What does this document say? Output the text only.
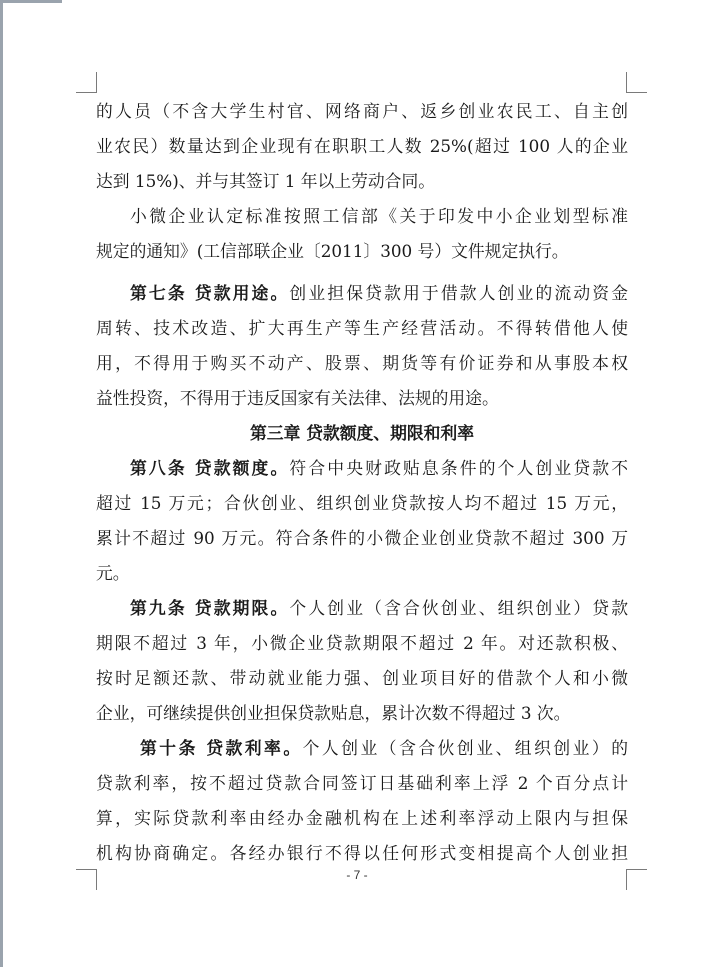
的人员（不含大学生村官、网络商户、返乡创业农民工、自主创
业农民）数量达到企业现有在职职工人数 25%(超过 100 人的企业
达到 15%)、并与其签订 1 年以上劳动合同。
小微企业认定标准按照工信部《关于印发中小企业划型标准
规定的通知》(工信部联企业〔2011〕300 号）文件规定执行。
第七条 贷款用途。创业担保贷款用于借款人创业的流动资金
周转、技术改造、扩大再生产等生产经营活动。不得转借他人使
用，不得用于购买不动产、股票、期货等有价证券和从事股本权
益性投资，不得用于违反国家有关法律、法规的用途。
第三章 贷款额度、期限和利率
第八条 贷款额度。符合中央财政贴息条件的个人创业贷款不
超过 15 万元；合伙创业、组织创业贷款按人均不超过 15 万元，
累计不超过 90 万元。符合条件的小微企业创业贷款不超过 300 万
元。
第九条 贷款期限。个人创业（含合伙创业、组织创业）贷款
期限不超过 3 年，小微企业贷款期限不超过 2 年。对还款积极、
按时足额还款、带动就业能力强、创业项目好的借款个人和小微
企业，可继续提供创业担保贷款贴息，累计次数不得超过 3 次。
第十条 贷款利率。个人创业（含合伙创业、组织创业）的
贷款利率，按不超过贷款合同签订日基础利率上浮 2 个百分点计
算，实际贷款利率由经办金融机构在上述利率浮动上限内与担保
机构协商确定。各经办银行不得以任何形式变相提高个人创业担
- 7 -
